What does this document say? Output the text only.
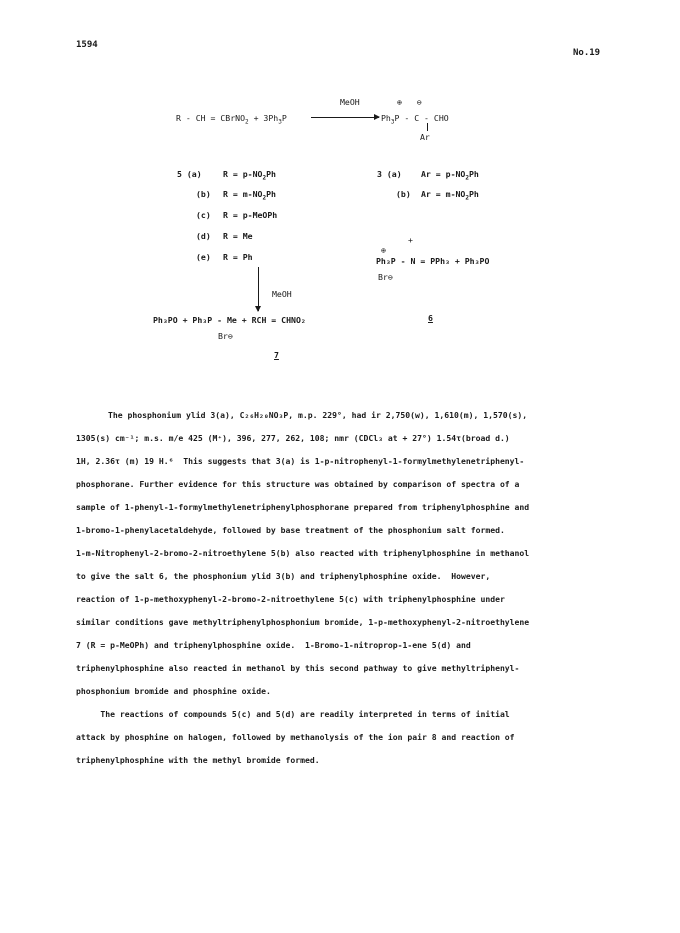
1594
No.19
MeOH	⊕   ⊖
R - CH = CBrNO$_2$ + $3Ph_3P$	$Ph_3P$ - C - CHO
Ar
5 (a)	$R = p-NO_2Ph$
(b) $R = m-NO_2Ph$
(c) R = p-MeOPh
(d) R = Me
(e) R = Ph
3 (a) $Ar = p-NO_2Ph$
(b) $Ar = m-NO_2Ph$
+
⊕
Ph₃P - N = PPh₃ + Ph₃PO
Br⊖
6
MeOH
Ph₃PO + Ph₃P - Me + RCH = CHNO₂
Br⊖
7
The phosphonium ylid 3(a), C₂₆H₂₀NO₃P, m.p. 229°, had ir 2,750(w), 1,610(m), 1,570(s),
1305(s) cm⁻¹; m.s. m/e 425 (M⁺), 396, 277, 262, 108; nmr (CDCl₃ at + 27°) 1.54τ(broad d.)
1H, 2.36τ (m) 19 H.⁶  This suggests that 3(a) is 1-p-nitrophenyl-1-formylmethylenetriphenyl-
phosphorane. Further evidence for this structure was obtained by comparison of spectra of a
sample of 1-phenyl-1-formylmethylenetriphenylphosphorane prepared from triphenylphosphine and
1-bromo-1-phenylacetaldehyde, followed by base treatment of the phosphonium salt formed.
1-m-Nitrophenyl-2-bromo-2-nitroethylene 5(b) also reacted with triphenylphosphine in methanol
to give the salt 6, the phosphonium ylid 3(b) and triphenylphosphine oxide.  However,
reaction of 1-p-methoxyphenyl-2-bromo-2-nitroethylene 5(c) with triphenylphosphine under
similar conditions gave methyltriphenylphosphonium bromide, 1-p-methoxyphenyl-2-nitroethylene
7 (R = p-MeOPh) and triphenylphosphine oxide.  1-Bromo-1-nitroprop-1-ene 5(d) and
triphenylphosphine also reacted in methanol by this second pathway to give methyltriphenyl-
phosphonium bromide and phosphine oxide.
The reactions of compounds 5(c) and 5(d) are readily interpreted in terms of initial
attack by phosphine on halogen, followed by methanolysis of the ion pair 8 and reaction of
triphenylphosphine with the methyl bromide formed.
